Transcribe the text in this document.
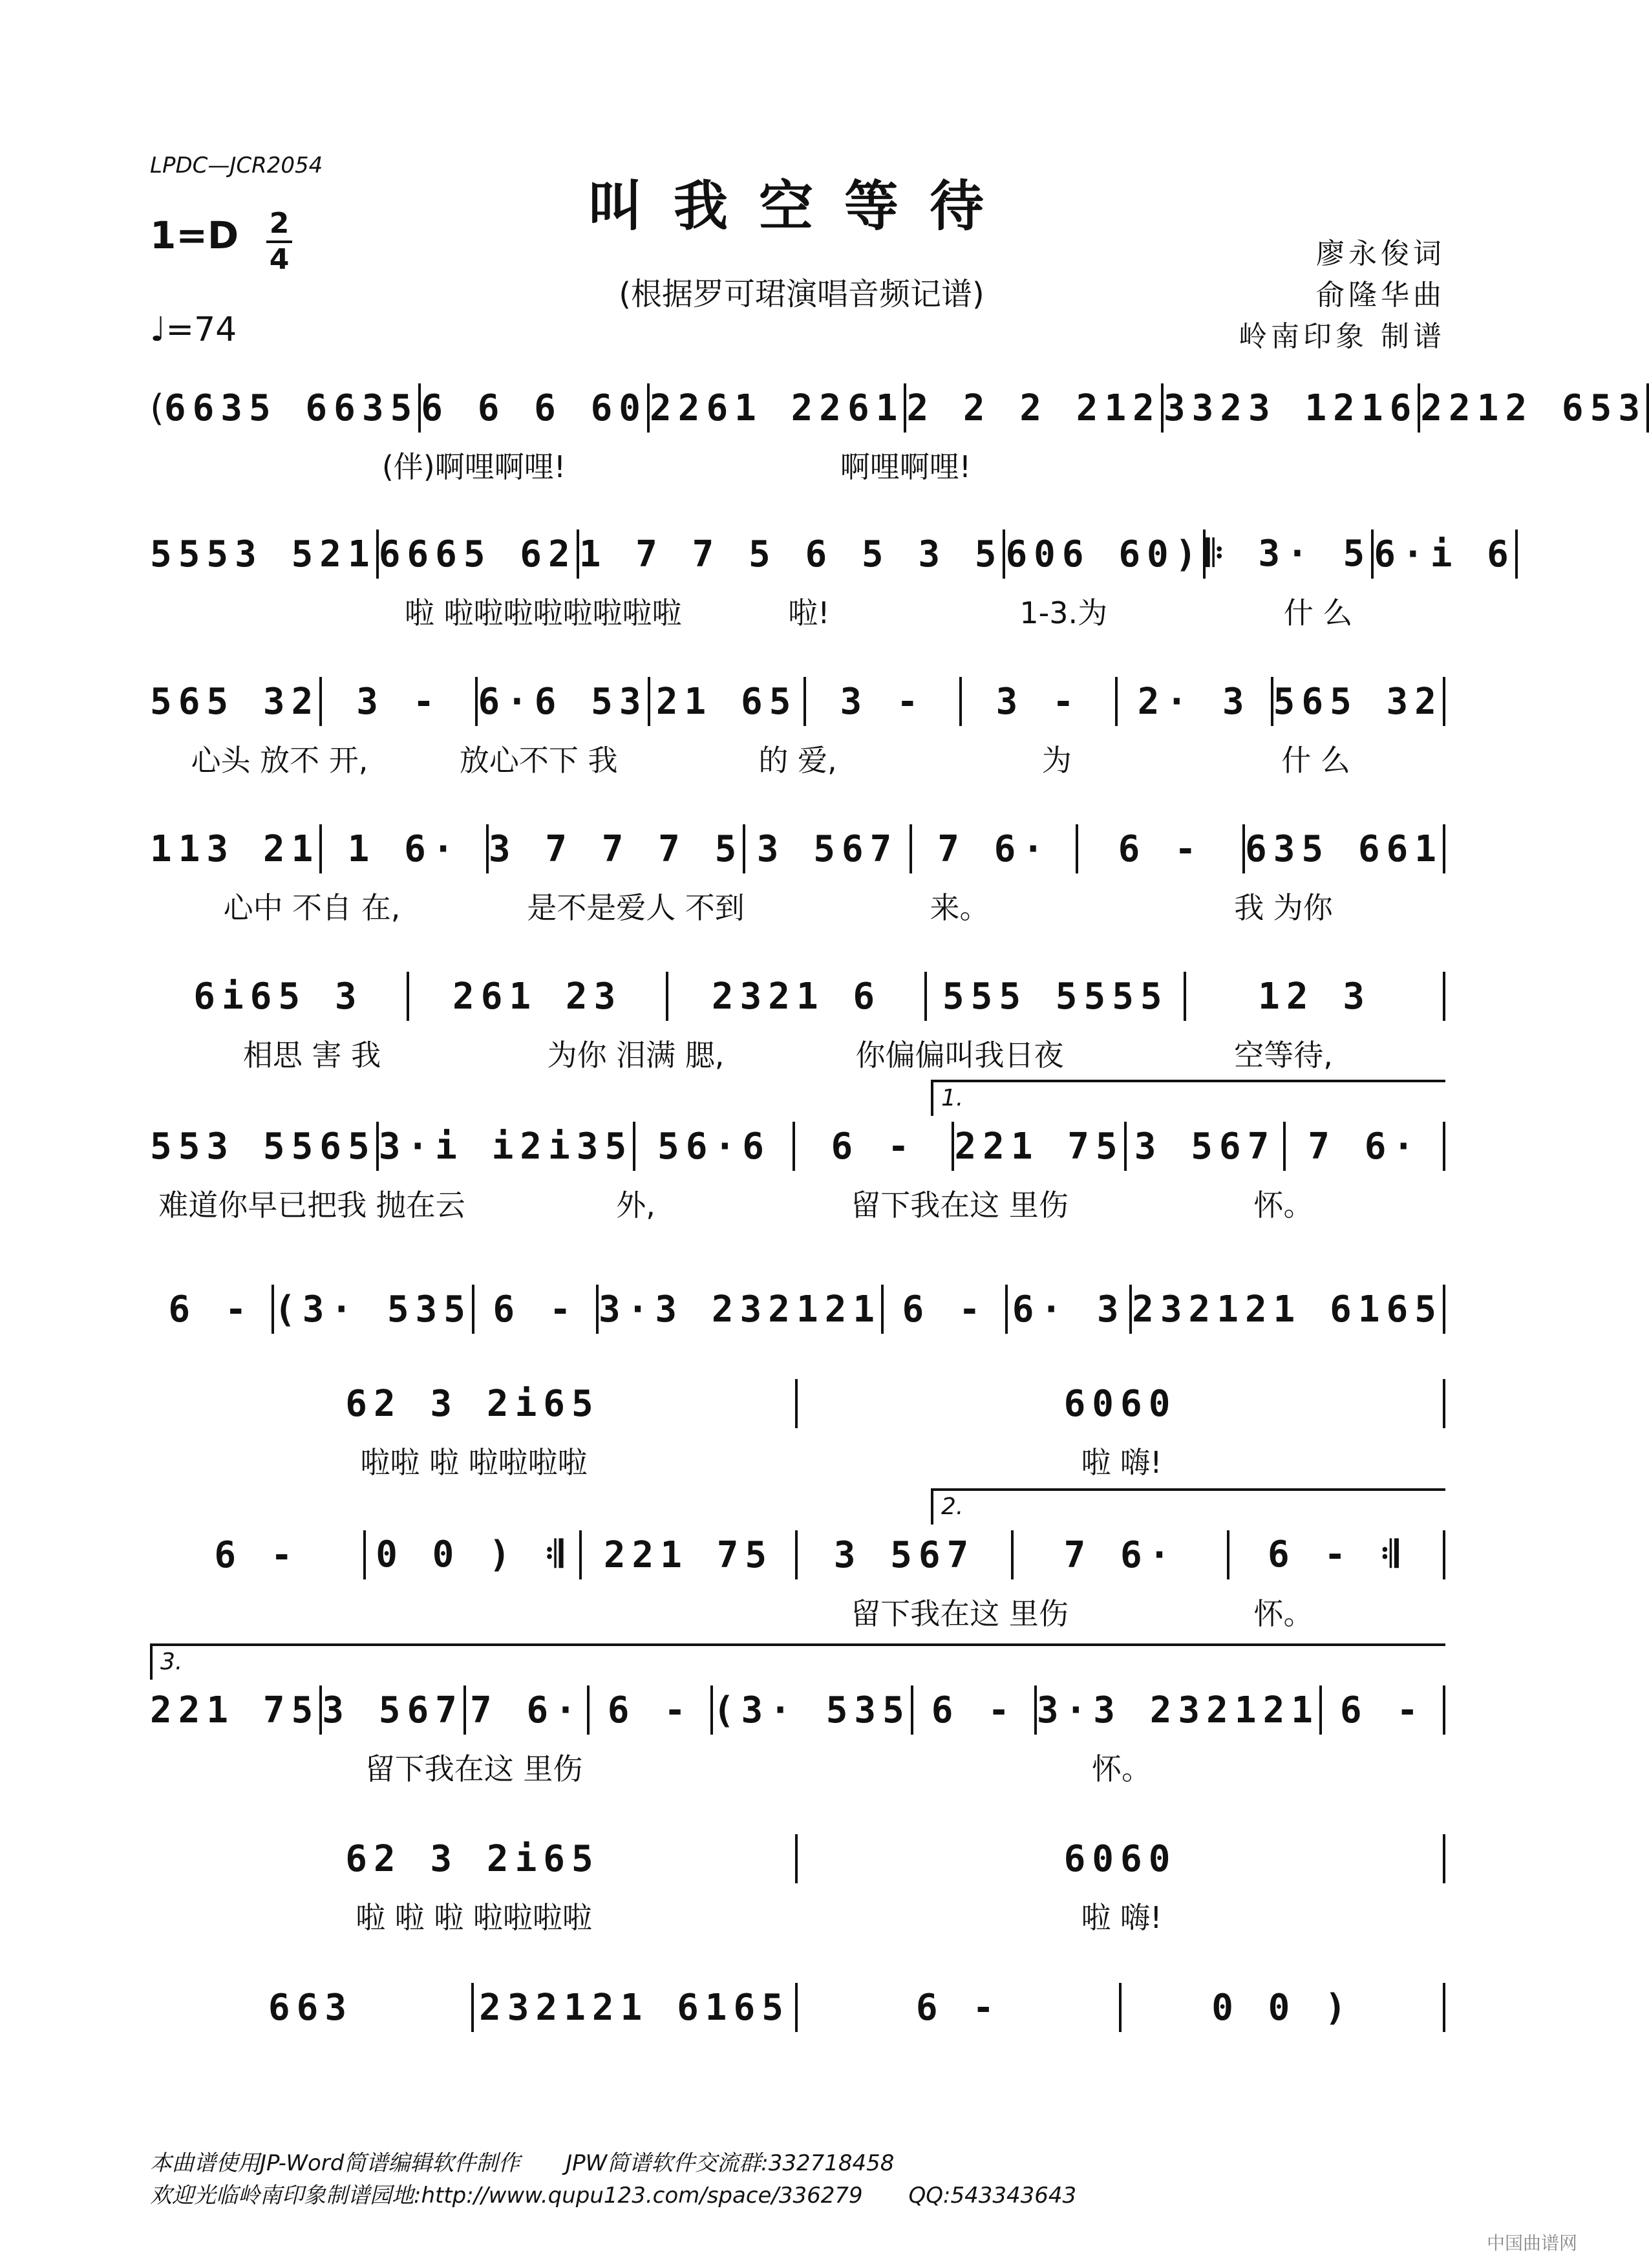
LPDC—JCR2054
叫我空等待
(根据罗可珺演唱音频记谱)
1=D 2
4
♩=74
廖永俊词
俞隆华曲
岭南印象 制谱
( 6635 6635 6 6 6 60 2261 2261 2 2 2 212 3323 1216 2212 653
(伴)啊哩啊哩!	啊哩啊哩!
5553 521 6665 62 1 7 7 5 6 5 3 5 606 60) 𝄆 3· 5 6·i 6
啦 啦啦啦啦啦啦啦啦	啦!	1-3.为	什 么
565 32	3 -	6·6 53 21 65	3 -	3 -	2· 3 565 32
心头 放不 开,	放心不下 我	的 爱,	为	什 么
113 21 1 6· 3 7 7 7 5 3 567	7 6·	6 -	635 661
心中 不自 在,	是不是爱人 不到	来。	我 为你
6i65 3	261 23	2321 6	555 5555	12 3
相思 害 我	为你 泪满 腮,	你偏偏叫我日夜	空等待,
1.
553 5565 3·i i2i35 56·6	6 -	221 75 3 567 7 6·
难道你早已把我 抛在云	外,	留下我在这 里伤	怀。
6 - (3· 535 6 - 3·3 232121 6 - 6· 3 232121 6165
62 3 2i65	6060
啦啦 啦 啦啦啦啦	啦 嗨!
2.
6 -	0 0 ) 𝄇 221 75	3 567	7 6·	6 - 𝄇
留下我在这 里伤	怀。
3.
221 75 3 567 7 6· 6 - (3· 535 6 - 3·3 232121 6 -
留下我在这 里伤	怀。
62 3 2i65	6060
啦 啦 啦 啦啦啦啦	啦 嗨!
663	232121 6165	6 -	0 0 )
本曲谱使用JP-Word简谱编辑软件制作 JPW简谱软件交流群:332718458
欢迎光临岭南印象制谱园地:http://www.qupu123.com/space/336279 QQ:543343643
中国曲谱网
